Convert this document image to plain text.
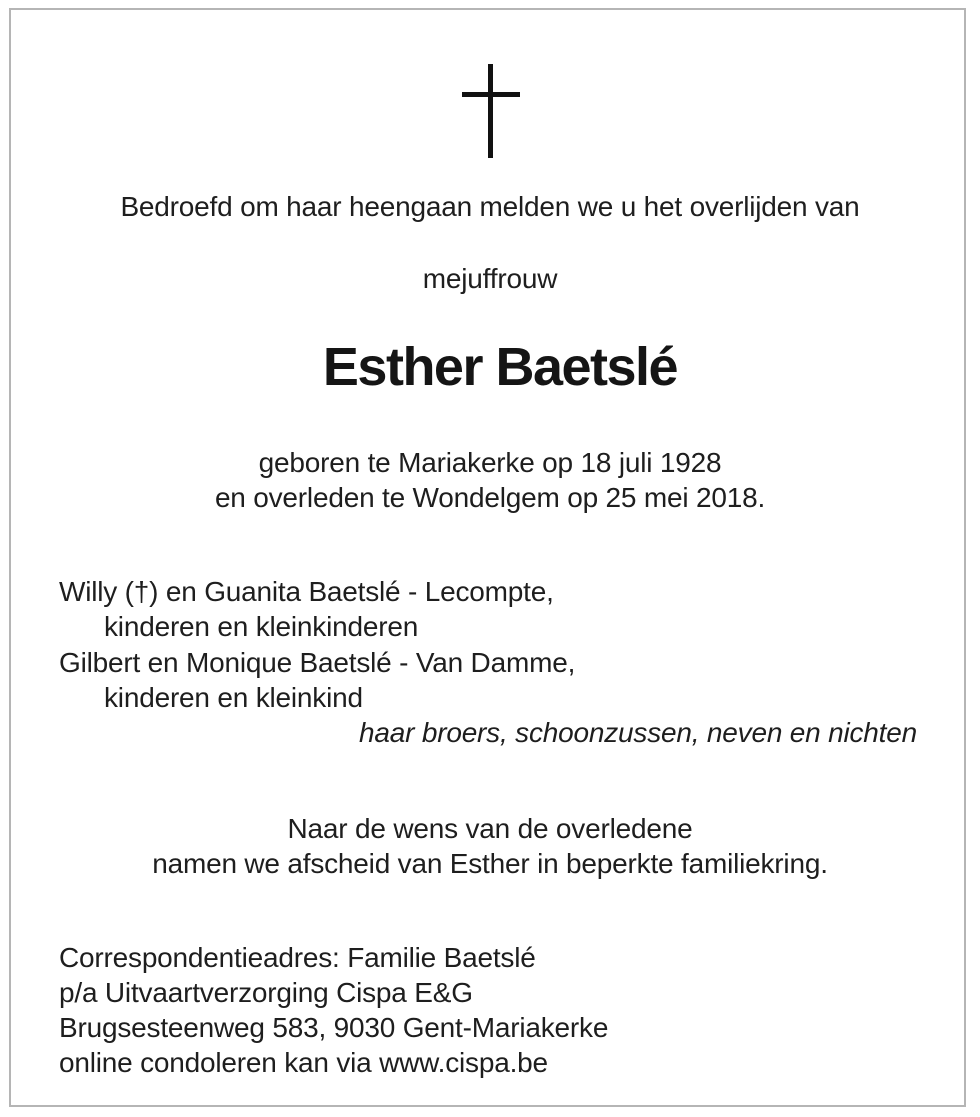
Bedroefd om haar heengaan melden we u het overlijden van
mejuffrouw
Esther Baetslé
geboren te Mariakerke op 18 juli 1928
en overleden te Wondelgem op 25 mei 2018.
Willy (†) en Guanita Baetslé - Lecompte,
kinderen en kleinkinderen
Gilbert en Monique Baetslé - Van Damme,
kinderen en kleinkind
haar broers, schoonzussen, neven en nichten
Naar de wens van de overledene
namen we afscheid van Esther in beperkte familiekring.
Correspondentieadres: Familie Baetslé
p/a Uitvaartverzorging Cispa E&G
Brugsesteenweg 583, 9030 Gent-Mariakerke
online condoleren kan via www.cispa.be
